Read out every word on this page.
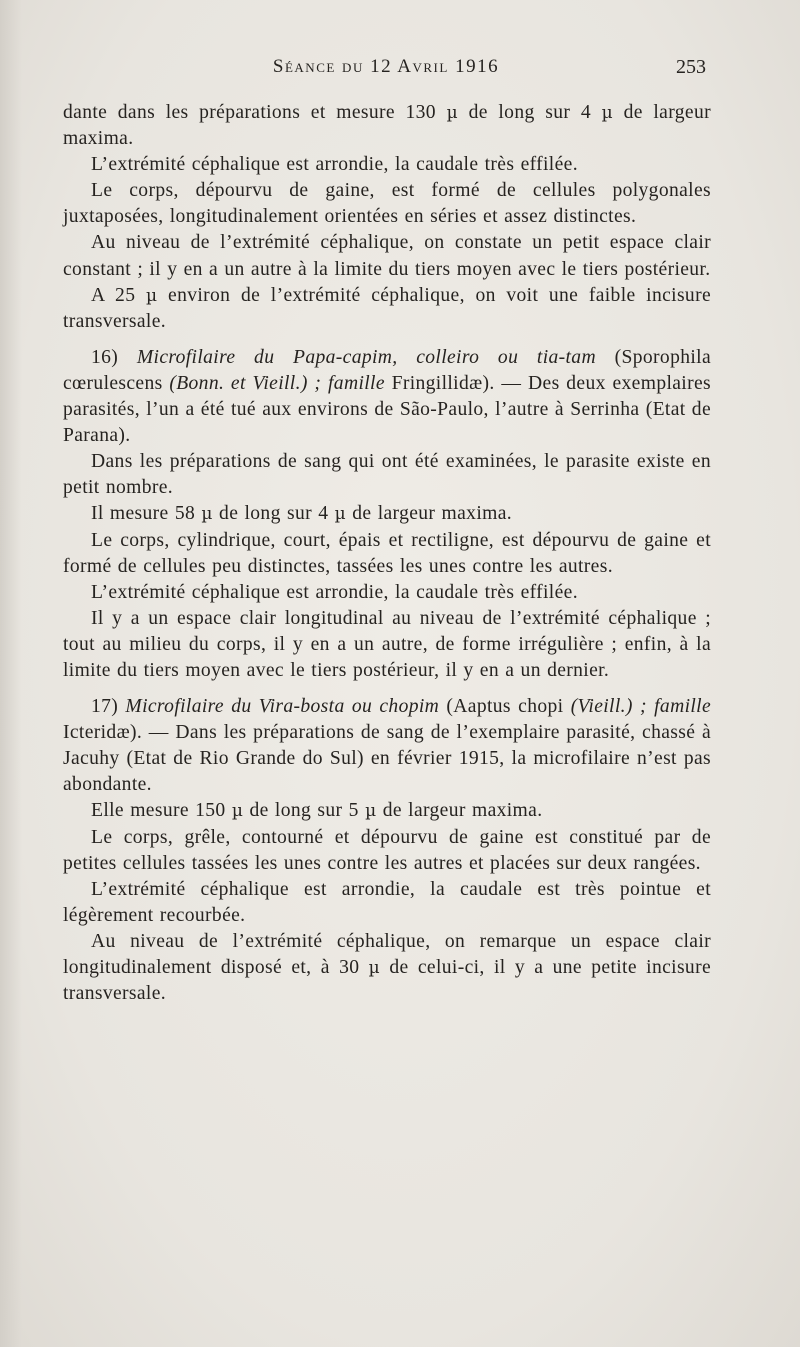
Séance du 12 Avril 1916	253

dante dans les préparations et mesure 130 µ de long sur 4 µ de largeur maxima.

L’extrémité céphalique est arrondie, la caudale très effilée.

Le corps, dépourvu de gaine, est formé de cellules polygonales juxtaposées, longitudinalement orientées en séries et assez distinctes.

Au niveau de l’extrémité céphalique, on constate un petit espace clair constant ; il y en a un autre à la limite du tiers moyen avec le tiers postérieur.

A 25 µ environ de l’extrémité céphalique, on voit une faible incisure transversale.

16) Microfilaire du Papa-capim, colleiro ou tia-tam (Sporophila cœrulescens (Bonn. et Vieill.) ; famille Fringillidæ). — Des deux exemplaires parasités, l’un a été tué aux environs de São-Paulo, l’autre à Serrinha (Etat de Parana).

Dans les préparations de sang qui ont été examinées, le parasite existe en petit nombre.

Il mesure 58 µ de long sur 4 µ de largeur maxima.

Le corps, cylindrique, court, épais et rectiligne, est dépourvu de gaine et formé de cellules peu distinctes, tassées les unes contre les autres.

L’extrémité céphalique est arrondie, la caudale très effilée.

Il y a un espace clair longitudinal au niveau de l’extrémité céphalique ; tout au milieu du corps, il y en a un autre, de forme irrégulière ; enfin, à la limite du tiers moyen avec le tiers postérieur, il y en a un dernier.

17) Microfilaire du Vira-bosta ou chopim (Aaptus chopi (Vieill.) ; famille Icteridæ). — Dans les préparations de sang de l’exemplaire parasité, chassé à Jacuhy (Etat de Rio Grande do Sul) en février 1915, la microfilaire n’est pas abondante.

Elle mesure 150 µ de long sur 5 µ de largeur maxima.

Le corps, grêle, contourné et dépourvu de gaine est constitué par de petites cellules tassées les unes contre les autres et placées sur deux rangées.

L’extrémité céphalique est arrondie, la caudale est très pointue et légèrement recourbée.

Au niveau de l’extrémité céphalique, on remarque un espace clair longitudinalement disposé et, à 30 µ de celui-ci, il y a une petite incisure transversale.
